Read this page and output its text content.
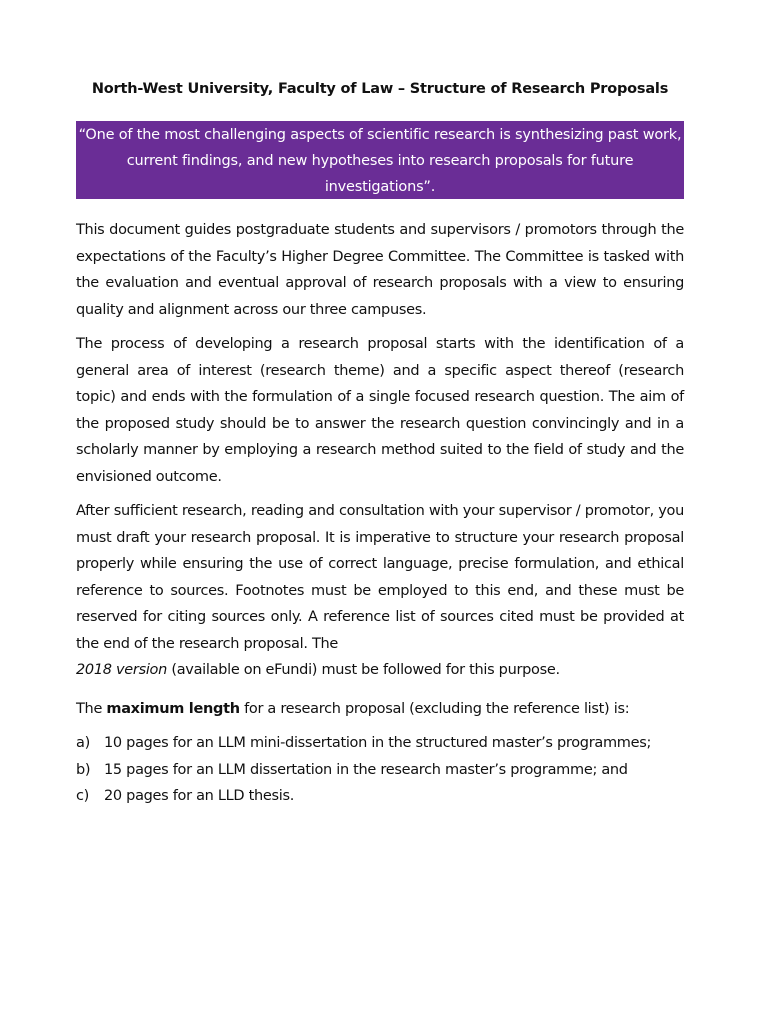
North-West University, Faculty of Law – Structure of Research Proposals
“One of the most challenging aspects of scientific research is synthesizing past work,
current findings, and new hypotheses into research proposals for future investigations”.
Friedland AJ and Folt CL Writing Successful Science Proposals (Yale University Press 2000) p. vii

This document guides postgraduate students and supervisors / promotors through the expectations of the Faculty’s Higher Degree Committee. The Committee is tasked with the evaluation and eventual approval of research proposals with a view to ensuring quality and alignment across our three campuses.

The process of developing a research proposal starts with the identification of a general area of interest (research theme) and a specific aspect thereof (research topic) and ends with the formulation of a single focused research question. The aim of the proposed study should be to answer the research question convincingly and in a scholarly manner by employing a research method suited to the field of study and the envisioned outcome.

After sufficient research, reading and consultation with your supervisor / promotor, you must draft your research proposal. It is imperative to structure your research proposal properly while ensuring the use of correct language, precise formulation, and ethical reference to sources. Footnotes must be employed to this end, and these must be reserved for citing sources only. A reference list of sources cited must be provided at the end of the research proposal. The

2018 version (available on eFundi) must be followed for this purpose.

The maximum length for a research proposal (excluding the reference list) is:
a) 10 pages for an LLM mini-dissertation in the structured master’s programmes;
b) 15 pages for an LLM dissertation in the research master’s programme; and
c)	20 pages for an LLD thesis.
